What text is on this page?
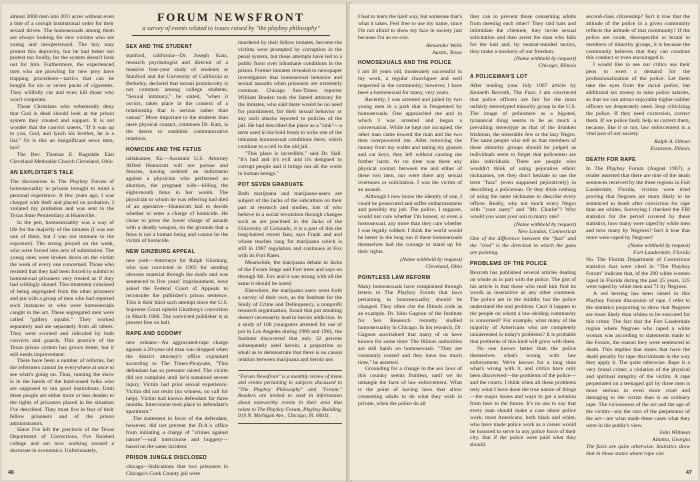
almost 3000 men into 20½ acres without even a bite of a corrupt institutional order for their sexual drives. The homosexuals among them are always looking for new victims who are young and inexperienced. The boy may protest this depravity, but he had better not protest too loudly, for the system doesn't look out for him. Furthermore, the experienced men who are prowling for new prey have trapping procedures—tactics that can be bought for six or seven packs of cigarettes. They willfully cut and even kill those who won't cooperate.

These Christians who vehemently deny that God is dead should look at the prison system they created and support. It is not wonder that the convict sneers, "If it was up to you, God, and lynch his brother, he is a liar." Or is this an insignificant news item, too?

The Rev. Thomas E. Ragsdale East Cleveland Methodist Church Cleveland, Ohio

AN EXPLOITER'S TALE

The discussions in The Playboy Forum of homosexuality in prisons brought to mind a personal experience. A few years ago, I was charged with theft and placed on probation. I violated my probation and was sent to the Texas State Penitentiary at Huntsville.

In the pen, homosexuality was a way of life for the majority of the inmates (I was not one of them, but I was not immune to the exposure). The strong preyed on the weak, who were forced into acts of submission. The young ones were broken down on the victim the weak of every one concerned. Those who resisted that they had been forced to submit to homosexual prisoners very treated as if they had willingly sinned. This treatment consisted of being segregated from the other prisoners and put with a group of men who had reported such instances or who were homosexuals caught in the act. These segregated men were called "gallery squabs." They worked separately and ate separately from all others. They were scorned and ridiculed by both convicts and guards. This practice of the Texas prison system has grown better, but it still needs improvement.

There have been a number of reforms, but the reformers cannot be everywhere at once to see what's going on. Thus, running the show is in the hands of the hard-nosed folks who are supposed to run good institutions. Until these people are either more or less deaden to the rights of prisoners placed in the situation I've described. They must live in fear of their fellow prisoners and of the prison administrators.

Since I've left the precincts of the Texas Department of Corrections, I've finished college and am now working toward a doctorate in economics. Unfortunately,

FORUM NEWSFRONT
a survey of events related to issues raised by "the playboy philosophy"
SEX AND THE STUDENT

stanford, california—Dr. Joseph Katz, research psychologist and director of a massive four-year study of students at Stanford and the University of California at Berkeley, declared that sexual promiscuity is not common among college students. "Sexual intimacy," he stated, "when it occurs, takes place in the context of a relationship that is serious rather than casual." More important to the students than mere physical contact, continues Dr. Katz, is the desire to establish communicative relations.

HOMICIDE AND THE FETUS

tallahassee, fla.—Assistant U.S. Attorney Alfred Hunnicutt will not pursue and Stearns, having ordered an indictment against a physician who performed an abortion, the pregnant wife—killing the eight-month fetus in her womb. The physician to whom he was referring had died of an operative—Hunnicutt had to decide whether to enter a charge of homicide. He chose to press the lower charge of assault with a deadly weapon, on the grounds that a fetus is not a human being and cannot be the victim of homicide.

NEW GINZBURG APPEAL

new york—Attorneys for Ralph Ginzburg, who was convicted in 1963 for sending obscene material through the mails and was sentenced to five years' imprisonment, have asked the Federal Court of Appeals to reconsider the publisher's prison sentence. This is their third such attempt since the U.S. Supreme Court upheld Ginzburg's conviction in March 1966. The convicted publisher is at present free on bail.

RAPE AND SODOMY

new orleans—An aggravated-rape charge against a 20-year-old man was dropped when the district attorney's office explained according to The Times-Picayune, "This defendant has so pressure raised. The victim did not complain until he'd sustained severe injury. Victim had prior sexual experience. Victim did not resist (no witness, no call for help). Victim had known defendant for three months. Intercourse took place in defendant's apartment."

The statement in favor of the defendant, however, did not prevent the D.A.'s office from initiating a charge of "crimes against nature"—oral intercourse and buggery—based on the same incident.

PRISON JUNGLE DISCLOSED

chicago—Indications that two prisoners in Chicago's Cook County jail were

murdered by their fellow inmates, become the victims were prompted by corruption in the penal system, but these attempts have led to a public furor over inhumane conditions in the prison. Former inmates revealed to newspaper investigators that homosexual behavior and sexual assaults when prisoners are extremely common. Chicago Sun-Times reporter William Braden took the famed attorney for the inmates, who said there would be no need for punishment, for their sexual behavior or any such attacks reported to policies of the jail. He had described the place as a "sink"—a term used in his bold brush to write one of the inhuman homosexual conditions there, which continue to a cell in the old jail.

"This place is incredible," said Dr. Hall. "It's bad and it's evil and it's designed to corrupt people and it brings out all the worst in human beings."

POT SEVEN GRADUATE

Both marijuana and marijuana-users are subject of the Jacks of the subculture on their part at research and studies, lots of who believe in a social revolution through changes such as are practised in the Jacks of the University of Colorado, it is a part of this the long-haired recent fans, says Frank and and whose teaches rang for marijuana which is still in 1967 regulation and continues at Fox with its Fort Rates.

Meanwhile, the marijuana debate in Jacks of the Forum Stage and Fort trees and says on through Mr. Fox and it was strong with all the same it should be noted.

Elsewhere, the marijuana users went forth a survey of their own, as the Institute for the Study of Crime and Delinquency, a nonprofit research organization, found that pot smoking doesn't necessarily lead to heroin addiction. In a study of 106 youngsters arrested for use of pot in Los Angeles during 1960 and 1961, the Institute discovered that only 32 percent subsequently used heroin, a proportion so small as to demonstrate that there is no causal relation between marijuana and heroin use.

"Forum Newsfront" is a monthly review of items and events pertaining to subjects discussed in "The Playboy Philosophy" and "Forum." Readers are invited to send in information about noteworthy events in their area that relate to The Playboy Forum, Playboy Building, 919 N. Michigan Ave., Chicago, Ill. 60611.
46

I had to learn the hard way, but someone that's what it takes. Feel free to use my name, since I'm not afraid to show my face in society just because I'm an ex-con.

Alexander Wells
Austin, Texas
HOMOSEXUALS AND THE POLICE

I am 38 years old, moderately successful in my work, a regular churchgoer and well respected in the community; however, I have been a homosexual for many, very years.

Recently, I was arrested and jailed by two young men in a park that is frequented by homosexuals. One approached me and in which I was arrested and began a conversation. While he kept me occupied, the other man came toward the man and the two then overpowered me. After removing the money from my wallet and taking my glasses and car keys, they left without causing me further harm. At no time was there any physical contact between me and either of these two men, nor were there any sexual overtones or solicitation. I was the victim of an assault.

Although I now know the identity of one, I could be prosecuted and suffer embarrassment and possibly my job. The police, I suppose, would not care whether I'm honest, or even a homosexual, any more than they care whether I was legally robbed. I think the world would be better in the long run if these homosexuals themselves had the courage to stand up for their rights.

(Name withheld by request)
Cleveland, Ohio
POINTLESS LAW REFORM

Many homosexuals have complained through letters to The Playboy Forum that laws pertaining to homosexuality should be changed. They often cite the Illinois code as an example. Dr. John Gagnon of the Institute for Sex Research recently studied homosexuality in Chicago. In his research, Dr. Gagnon ascertained that many of us have known for some time: The Illinois authorities are still harsh on homosexuals. "They are constantly roused and they have too much time," he asserted.

Grounding for a change in the sex laws of this country seems fruitless, until we do untangle the facts of law enforcement. What is the point of having laws that allow consenting adults to do what they wish in private, when the police do all

they can to prevent those consenting adults from meeting each other? They raid bars and intimidate the clientele, they invite sexual solicitation and then arrest the man who falls for the bait and, by neutral-minded tactics, they make a mockery of our freedom.

(Name withheld by request)
Chicago, Illinois
A POLICEMAN'S LOT

After reading your July 1967 article by Kenneth Rexroth, The Fuzz, I am convinced that police officers are fair for the most unfairly stereotyped minority group in the U.S. The image of policemen as a bigoted, tyrannical thing seems to be as much a prevailing stereotype as that of the drunken Irishman, the miserable Jew or the lazy Negro. The same people who tell us that members of these minority groups should be judged as individuals seem to forget that policemen are also individuals. There are people who wouldn't think of using pejorative ethnic nicknames, yet they don't hesitate to use the term "fuzz" (even supposed pejoratively) in describing a policeman. Or they think nothing of using the same nickname to describe every officer. Really, why not mock every Negro with "your nasty" and "Mr. Charlie"? Why would you want your son to marry one?

(Name withheld by request)
New London, Connecticut

One of the difference between the "fuzz" and the "clod" is the direction in which the guns are pointing.

PROBLEMS OF THE POLICE

Rexroth has published several articles dealing on whole as in part with the police. The gist of his article is that those who read him find its words as insensitive as any other comment. The police are in the middle; but the police understand the real problem. Can't it happen to the people on whom a law-abiding community is concerned? For example, what many of the majority of Americans who are completely uninterested in today's problems? It is probable that problems of this kind will grow with them.

No one knows better than the police themselves what's wrong with law enforcement. We're known for a long time what's wrong with it, and critics have only been discovered—the problems of the police—and the courts. I think when all these problems only what I have done the true nature of things—the major issues and ways to get a solution from here to the future. It's no use to say that every man should make a case about police work; most Americans, both black and white, who have made police work as a career would be honored to serve in any police force of their city, that if the police were paid what they should.

second-class citizenship? Isn't it true that the attitude of the police in a given community reflects the attitude of that community? If the police are crude, disrespectful or brutal to members of minority groups, it is because the community believes that they can condone this conduct or even encouraged it.

I would like to see our critics use their pens to exert a demand for the professionalization of the police. Let them take the eyes from the racial police, but additional tax money to raise police salaries, so that we can attract enjoyable higher-caliber officers we desperately need. Stop criticizing the police. If they need correction, correct them. If we police fault, help us correct them, because, like it or not, law enforcement is a vital part of our society.

Ralph A. Olmen
Evanston, Illinois
DEATH FOR RAPE

In The Playboy Forum (August 1967), a reader asserted that there are nine of the death sentences received by the three regions in Fort Lauderdale, Florida, victims were tried proving that Negroes are more likely to be sentenced to death after conviction for rape than are whites. Surveying I checked the FBI statistics for the period covered by these statistics, how many were raped by white men and how many by Negroes? Isn't it true that more were raped by Negroes?

(Name withheld by request)
Fort Lauderdale, Florida

No. The Florida Department of Corrections statistics that were cited in "The Playboy Forum" indicate that, of the 200 white women raped in Florida during the past 25 years, 125 were raped by white men and 71 by Negroes.

A red herring has been raised in this Playboy Forum discussion of rape. I refer to the statistics purporting to show that Negroes are more likely than whites to be executed for this crime. The fact that the Fort Lauderdale region where Negroes who raped a white woman was according to statements made to the Forum, the reason they were sentenced to death. This implies that states that have the death penalty for rape discriminate in the way they apply it. The quite otherwise. Rape is a very brutal crime; a violation of the physical and spiritual integrity of the victim. A rape perpetrated on a teenaged girl by three men is more serious in even more cruel and damaging to the victim than is an ordinary rape. The viciousness of the act and the age of the victim—not the race of the perpetrator of the act—are what made these cases what they were in the public's view.

John Wiltman
Atlanta, Georgia

The facts are quite otherwise. Statistics show that in those states where rape can

47
